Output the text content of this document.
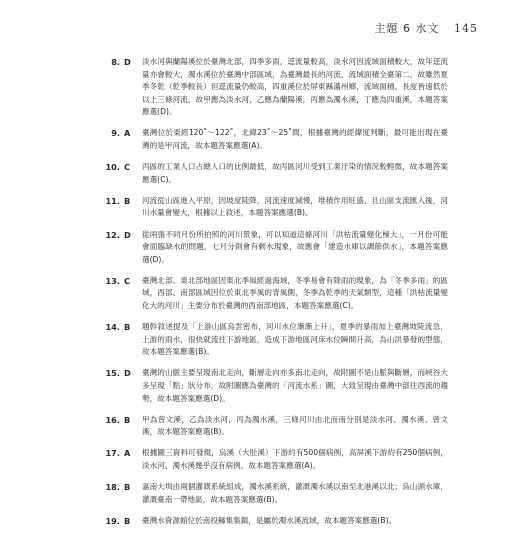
主題 6 水文 145
8. D 淡水河與蘭陽溪位於臺灣北部，四季多雨，逕流量較高，淡水河因流域面積較大，故年逕流量亦會較大，濁水溪位於臺灣中部區域，為臺灣最長的河流，流域面積全臺第二，故雖然夏季冬乾（乾季較長）但逕流量仍較高，四重溪位於屏東縣滿州鄉，流域面積、長度皆遠低於以上三條河流，故甲應為淡水河，乙應為蘭陽溪，丙應為濁水溪，丁應為四重溪，本題答案應選(D)。
9. A 臺灣位於東經120˚～122˚，北緯23˚～25˚間，根據臺灣的經緯度判斷，最可能出現在臺灣的是甲河流，故本題答案應選(A)。
10. C 丙區的工業人口占總人口的比例最低，故丙區河川受到工業汙染的情況較輕微，故本題答案應選(C)。
11. B 河流從山區進入平原，因坡度陡降，河流速度減慢，堆積作用旺盛，且山區支流匯入後，河川水量會變大，根據以上敘述，本題答案應選(B)。
12. D 從兩張不同月份所拍照的河川景象，可以知道這條河川「洪枯流量變化極大」，一月份可能會面臨缺水的問題，七月分則會有剩水現象，故應會「建造水庫以調節供水」，本題答案應選(D)。
13. C 臺灣北部、東北部地區因東北季風經過海域，冬季易會有降雨的現象，為「冬季多雨」的區域，西部、南部區域因位於東北季風的背風側，冬季為乾季的天氣類型，這種「洪枯流量變化大的河川」主要分布於臺灣的西南部地區，本題答案應選(C)。
14. B 題幹敘述提及「上游山區烏雲密布，河川水位漸漸上升」，夏季的暴雨加上臺灣坡陡流急，上游的雨水，很快就流往下游地區，造成下游地區河床水位瞬間升高，為山洪暴發的型態，故本題答案應選(B)。
15. D 臺灣的山脈主要呈現南北走向，斷層走向亦多南北走向，故附圖不是山脈與斷層，而峽谷大多呈現「點」狀分布，故附圖應為臺灣的「河流水系」圖，大致呈現由臺灣中部往西流的趨勢，故本題答案應選(D)。
16. B 甲為曾文溪，乙為淡水河，丙為濁水溪，三條河川由北而南分別是淡水河、濁水溪、曾文溪，故本題答案應選(B)。
17. A 根據圖三資料可發現，烏溪（大肚溪）下游約有500個病例，高屏溪下游約有250個病例，淡水河、濁水溪幾乎沒有病例，故本題答案應選(A)。
18. B 嘉南大圳由兩個灌溉系統組成，濁水溪系統，灌溉濁水溪以南至北港溪以北；烏山頭水庫，灌溉臺南一帶地區，故本題答案應選(B)。
19. B 臺灣水資源館位於南投縣集集鎮，是屬於濁水溪流域，故本題答案應選(B)。
